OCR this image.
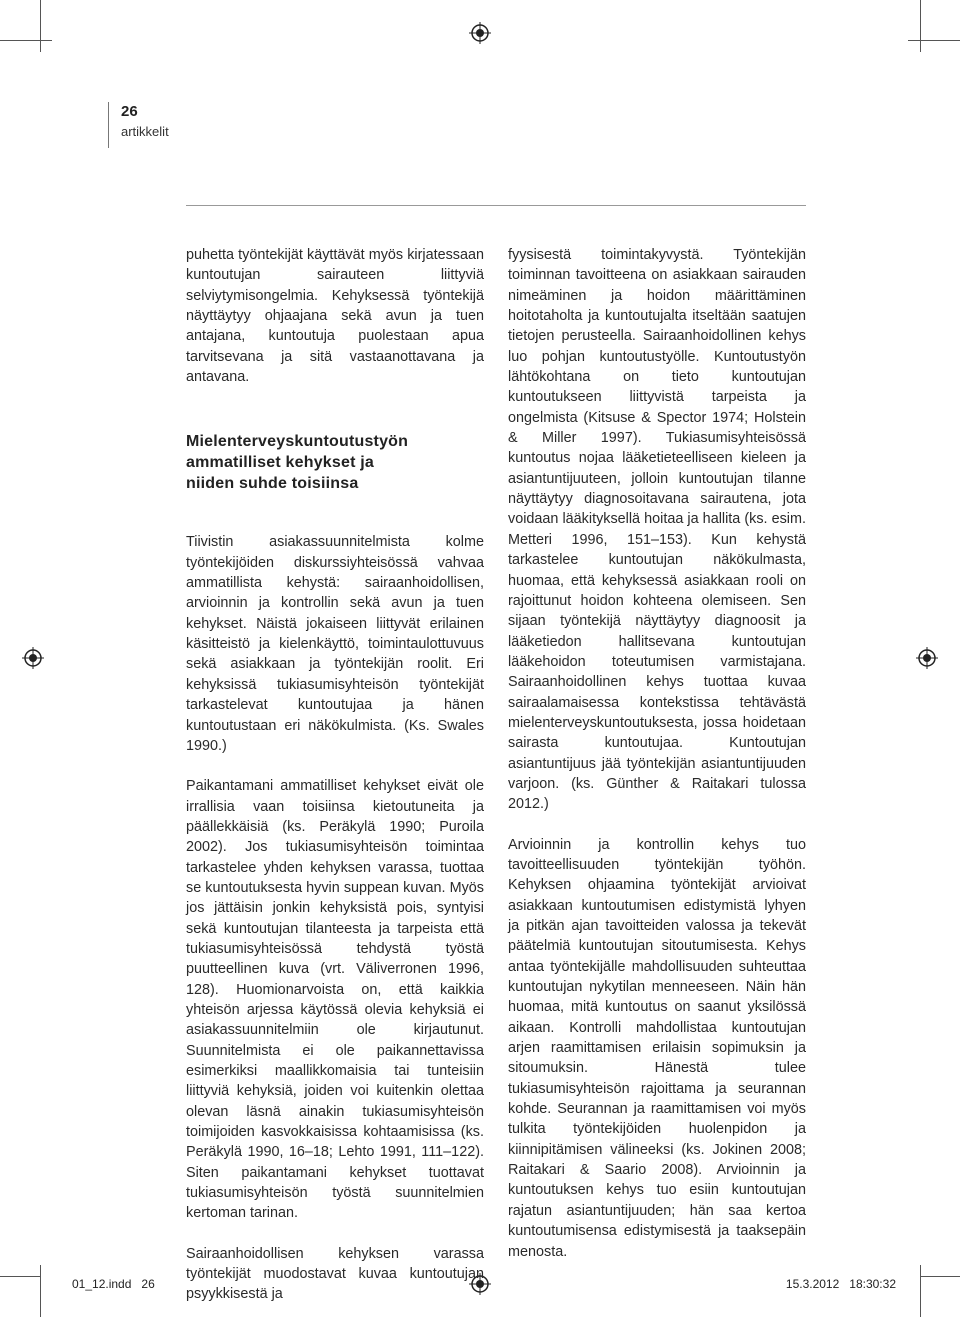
26
artikkelit

puhetta työntekijät käyttävät myös kirjatessaan kuntoutujan sairauteen liittyviä selviytymisongelmia. Kehyksessä työntekijä näyttäytyy ohjaajana sekä avun ja tuen antajana, kuntoutuja puolestaan apua tarvitsevana ja sitä vastaanottavana ja antavana.

Mielenterveyskuntoutustyön
ammatilliset kehykset ja
niiden suhde toisiinsa

Tiivistin asiakassuunnitelmista kolme työntekijöiden diskurssiyhteisössä vahvaa ammatillista kehystä: sairaanhoidollisen, arvioinnin ja kontrollin sekä avun ja tuen kehykset. Näistä jokaiseen liittyvät erilainen käsitteistö ja kielenkäyttö, toimintaulottuvuus sekä asiakkaan ja työntekijän roolit. Eri kehyksissä tukiasumisyhteisön työntekijät tarkastelevat kuntoutujaa ja hänen kuntoutustaan eri näkökulmista. (Ks. Swales 1990.)

Paikantamani ammatilliset kehykset eivät ole irrallisia vaan toisiinsa kietoutuneita ja päällekkäisiä (ks. Peräkylä 1990; Puroila 2002). Jos tukiasumisyhteisön toimintaa tarkastelee yhden kehyksen varassa, tuottaa se kuntoutuksesta hyvin suppean kuvan. Myös jos jättäisin jonkin kehyksistä pois, syntyisi sekä kuntoutujan tilanteesta ja tarpeista että tukiasumisyhteisössä tehdystä työstä puutteellinen kuva (vrt. Väliverronen 1996, 128). Huomionarvoista on, että kaikkia yhteisön arjessa käytössä olevia kehyksiä ei asiakassuunnitelmiin ole kirjautunut. Suunnitelmista ei ole paikannettavissa esimerkiksi maallikkomaisia tai tunteisiin liittyviä kehyksiä, joiden voi kuitenkin olettaa olevan läsnä ainakin tukiasumisyhteisön toimijoiden kasvokkaisissa kohtaamisissa (ks. Peräkylä 1990, 16–18; Lehto 1991, 111–122). Siten paikantamani kehykset tuottavat tukiasumisyhteisön työstä suunnitelmien kertoman tarinan.

Sairaanhoidollisen kehyksen varassa työntekijät muodostavat kuvaa kuntoutujan psyykkisestä ja

fyysisestä toimintakyvystä. Työntekijän toiminnan tavoitteena on asiakkaan sairauden nimeäminen ja hoidon määrittäminen hoitotaholta ja kuntoutujalta itseltään saatujen tietojen perusteella. Sairaanhoidollinen kehys luo pohjan kuntoutustyölle. Kuntoutustyön lähtökohtana on tieto kuntoutujan kuntoutukseen liittyvistä tarpeista ja ongelmista (Kitsuse & Spector 1974; Holstein & Miller 1997). Tukiasumisyhteisössä kuntoutus nojaa lääketieteelliseen kieleen ja asiantuntijuuteen, jolloin kuntoutujan tilanne näyttäytyy diagnosoitavana sairautena, jota voidaan lääkityksellä hoitaa ja hallita (ks. esim. Metteri 1996, 151–153). Kun kehystä tarkastelee kuntoutujan näkökulmasta, huomaa, että kehyksessä asiakkaan rooli on rajoittunut hoidon kohteena olemiseen. Sen sijaan työntekijä näyttäytyy diagnoosit ja lääketiedon hallitsevana kuntoutujan lääkehoidon toteutumisen varmistajana. Sairaanhoidollinen kehys tuottaa kuvaa sairaalamaisessa kontekstissa tehtävästä mielenterveyskuntoutuksesta, jossa hoidetaan sairasta kuntoutujaa. Kuntoutujan asiantuntijuus jää työntekijän asiantuntijuuden varjoon. (ks. Günther & Raitakari tulossa 2012.)

Arvioinnin ja kontrollin kehys tuo tavoitteellisuuden työntekijän työhön. Kehyksen ohjaamina työntekijät arvioivat asiakkaan kuntoutumisen edistymistä lyhyen ja pitkän ajan tavoitteiden valossa ja tekevät päätelmiä kuntoutujan sitoutumisesta. Kehys antaa työntekijälle mahdollisuuden suhteuttaa kuntoutujan nykytilan menneeseen. Näin hän huomaa, mitä kuntoutus on saanut yksilössä aikaan. Kontrolli mahdollistaa kuntoutujan arjen raamittamisen erilaisin sopimuksin ja sitoumuksin. Hänestä tulee tukiasumisyhteisön rajoittama ja seurannan kohde. Seurannan ja raamittamisen voi myös tulkita työntekijöiden huolenpidon ja kiinnipitämisen välineeksi (ks. Jokinen 2008; Raitakari & Saario 2008). Arvioinnin ja kuntoutuksen kehys tuo esiin kuntoutujan rajatun asiantuntijuuden; hän saa kertoa kuntoutumisensa edistymisestä ja taaksepäin menosta.

01_12.indd   26	15.3.2012   18:30:32
